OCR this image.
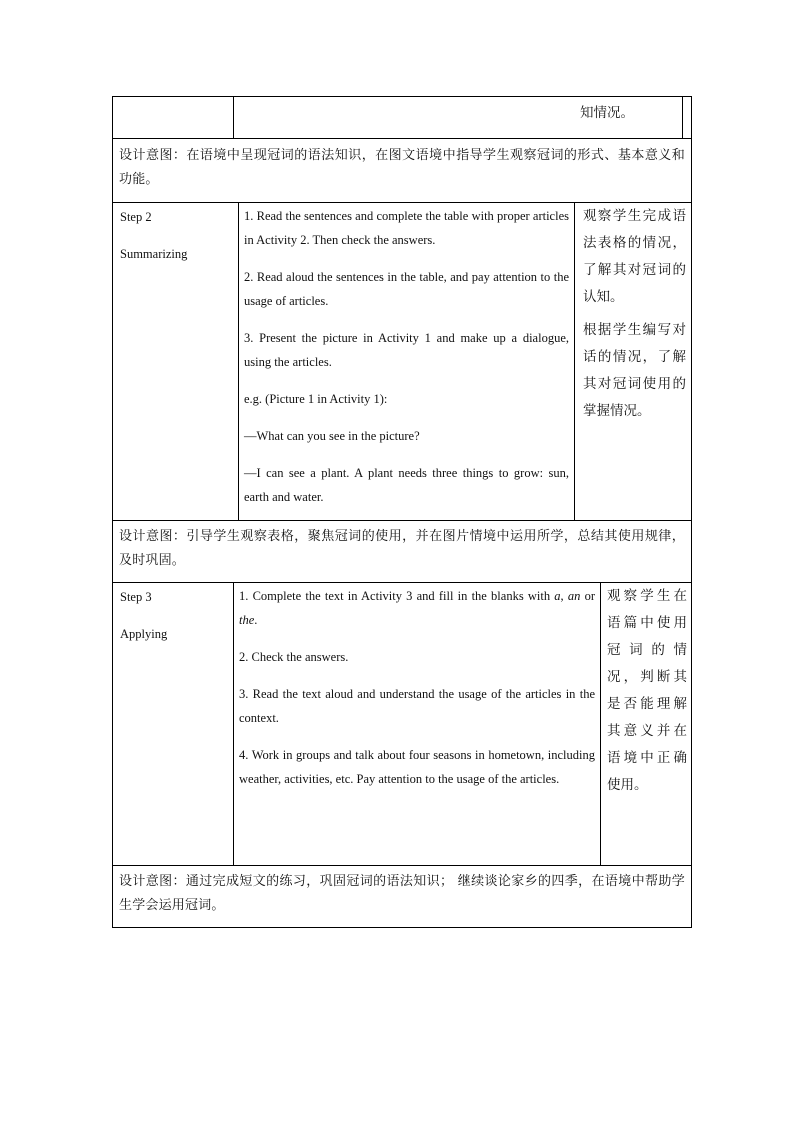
知情况。

设计意图：在语境中呈现冠词的语法知识，在图文语境中指导学生观察冠词的形式、基本意义和功能。

Step 2

Summarizing

1. Read the sentences and complete the table with proper articles in Activity 2. Then check the answers.

2. Read aloud the sentences in the table, and pay attention to the usage of articles.

3. Present the picture in Activity 1 and make up a dialogue, using the articles.

e.g. (Picture 1 in Activity 1):

—What can you see in the picture?

—I can see a plant. A plant needs three things to grow: sun, earth and water.

观察学生完成语法表格的情况，了解其对冠词的认知。

根据学生编写对话的情况，了解其对冠词使用的掌握情况。

设计意图：引导学生观察表格，聚焦冠词的使用，并在图片情境中运用所学，总结其使用规律，及时巩固。

Step 3

Applying

1. Complete the text in Activity 3 and fill in the blanks with a, an or the.

2. Check the answers.

3. Read the text aloud and understand the usage of the articles in the context.

4. Work in groups and talk about four seasons in hometown, including weather, activities, etc. Pay attention to the usage of the articles.

观察学生在语篇中使用冠词的情况，判断其是否能理解其意义并在语境中正确使用。

设计意图：通过完成短文的练习，巩固冠词的语法知识； 继续谈论家乡的四季，在语境中帮助学生学会运用冠词。
